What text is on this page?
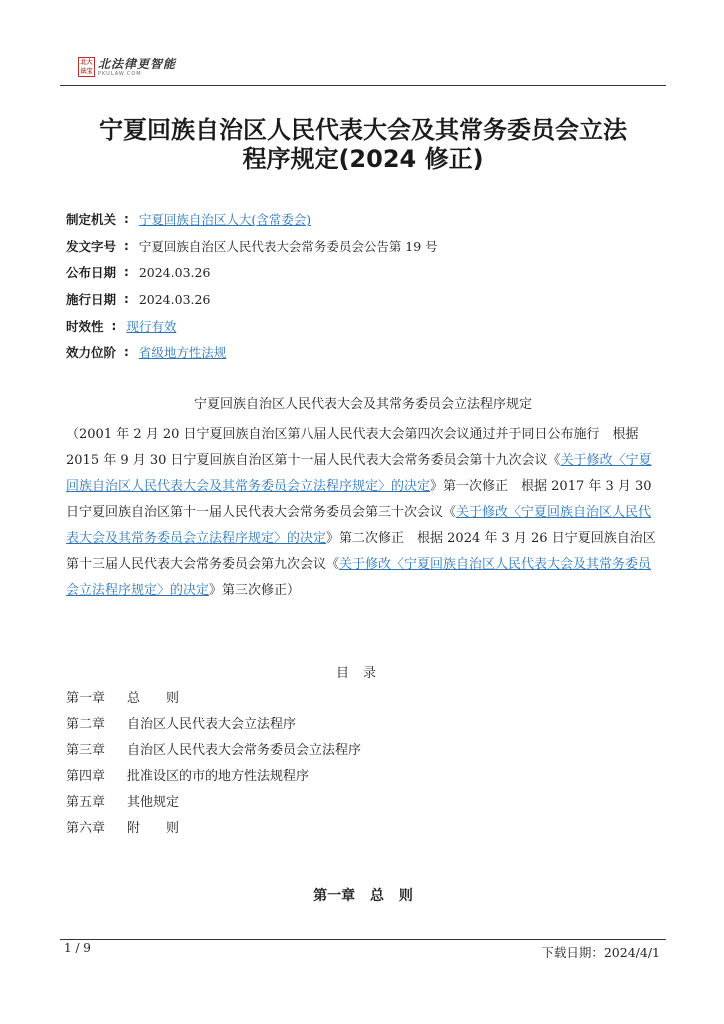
北大法宝
北法律更智能
PKULAW.COM
宁夏回族自治区人民代表大会及其常务委员会立法
程序规定(2024 修正)
制定机关 : 宁夏回族自治区人大(含常委会)
发文字号 : 宁夏回族自治区人民代表大会常务委员会公告第 19 号
公布日期 : 2024.03.26
施行日期 : 2024.03.26
时效性 : 现行有效
效力位阶 : 省级地方性法规
宁夏回族自治区人民代表大会及其常务委员会立法程序规定

（2001 年 2 月 20 日宁夏回族自治区第八届人民代表大会第四次会议通过并于同日公布施行　根据 2015 年 9 月 30 日宁夏回族自治区第十一届人民代表大会常务委员会第十九次会议《关于修改〈宁夏回族自治区人民代表大会及其常务委员会立法程序规定〉的决定》第一次修正　根据 2017 年 3 月 30 日宁夏回族自治区第十一届人民代表大会常务委员会第三十次会议《关于修改〈宁夏回族自治区人民代表大会及其常务委员会立法程序规定〉的决定》第二次修正　根据 2024 年 3 月 26 日宁夏回族自治区第十三届人民代表大会常务委员会第九次会议《关于修改〈宁夏回族自治区人民代表大会及其常务委员会立法程序规定〉的决定》第三次修正）

目录
第一章	总　　则
第二章	自治区人民代表大会立法程序
第三章	自治区人民代表大会常务委员会立法程序
第四章	批准设区的市的地方性法规程序
第五章	其他规定
第六章	附　　则
第一章 总 则
1 / 9	下载日期：2024/4/1
